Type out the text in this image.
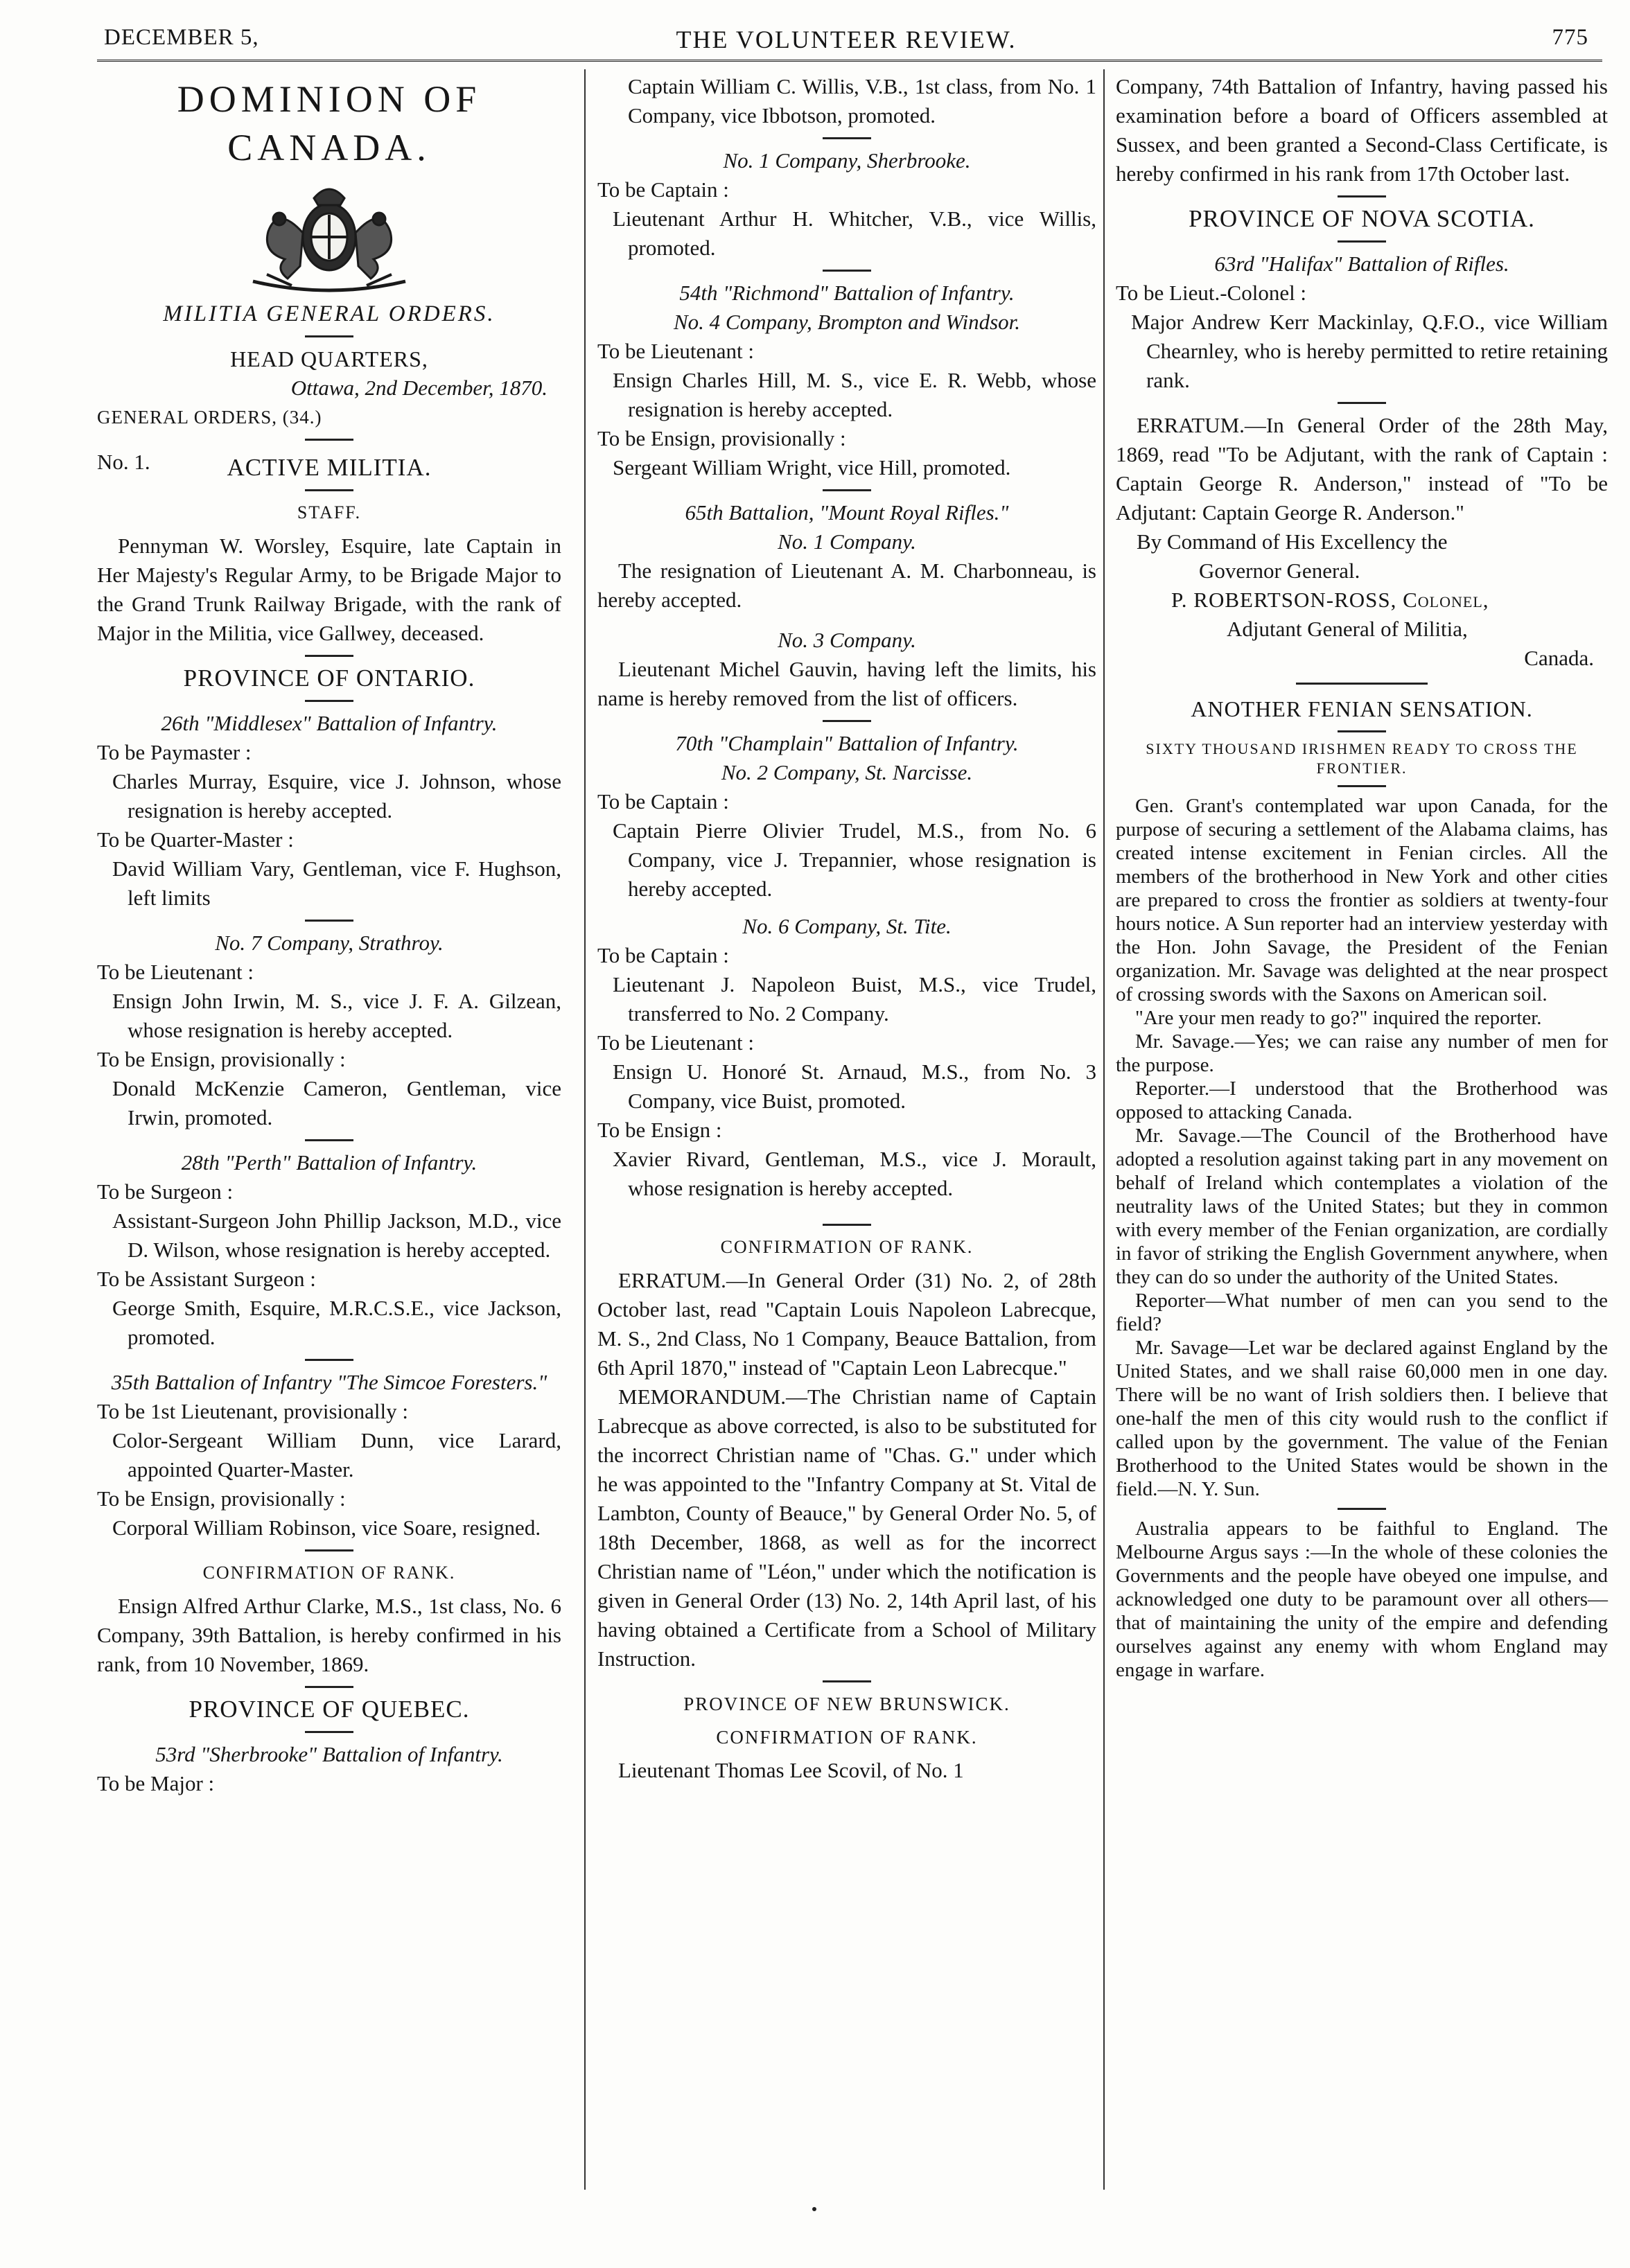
DECEMBER 5,	THE VOLUNTEER REVIEW.	775
DOMINION OF CANADA.
MILITIA GENERAL ORDERS.
HEAD QUARTERS,
Ottawa, 2nd December, 1870.
GENERAL ORDERS, (34.)
No. 1.	ACTIVE MILITIA.
STAFF.

Pennyman W. Worsley, Esquire, late Captain in Her Majesty's Regular Army, to be Brigade Major to the Grand Trunk Railway Brigade, with the rank of Major in the Militia, vice Gallwey, deceased.

PROVINCE OF ONTARIO.
26th "Middlesex" Battalion of Infantry.

To be Paymaster :

Charles Murray, Esquire, vice J. Johnson, whose resignation is hereby accepted.

To be Quarter-Master :

David William Vary, Gentleman, vice F. Hughson, left limits

No. 7 Company, Strathroy.

To be Lieutenant :

Ensign John Irwin, M. S., vice J. F. A. Gilzean, whose resignation is hereby accepted.

To be Ensign, provisionally :

Donald McKenzie Cameron, Gentleman, vice Irwin, promoted.

28th "Perth" Battalion of Infantry.

To be Surgeon :

Assistant-Surgeon John Phillip Jackson, M.D., vice D. Wilson, whose resignation is hereby accepted.

To be Assistant Surgeon :

George Smith, Esquire, M.R.C.S.E., vice Jackson, promoted.

35th Battalion of Infantry "The Simcoe Foresters."

To be 1st Lieutenant, provisionally :

Color-Sergeant William Dunn, vice Larard, appointed Quarter-Master.

To be Ensign, provisionally :

Corporal William Robinson, vice Soare, resigned.

CONFIRMATION OF RANK.

Ensign Alfred Arthur Clarke, M.S., 1st class, No. 6 Company, 39th Battalion, is hereby confirmed in his rank, from 10 November, 1869.

PROVINCE OF QUEBEC.
53rd "Sherbrooke" Battalion of Infantry.

To be Major :

Captain William C. Willis, V.B., 1st class, from No. 1 Company, vice Ibbotson, promoted.

No. 1 Company, Sherbrooke.

To be Captain :

Lieutenant Arthur H. Whitcher, V.B., vice Willis, promoted.

54th "Richmond" Battalion of Infantry.
No. 4 Company, Brompton and Windsor.

To be Lieutenant :

Ensign Charles Hill, M. S., vice E. R. Webb, whose resignation is hereby accepted.

To be Ensign, provisionally :

Sergeant William Wright, vice Hill, promoted.

65th Battalion, "Mount Royal Rifles."
No. 1 Company.

The resignation of Lieutenant A. M. Charbonneau, is hereby accepted.

No. 3 Company.

Lieutenant Michel Gauvin, having left the limits, his name is hereby removed from the list of officers.

70th "Champlain" Battalion of Infantry.
No. 2 Company, St. Narcisse.

To be Captain :

Captain Pierre Olivier Trudel, M.S., from No. 6 Company, vice J. Trepannier, whose resignation is hereby accepted.

No. 6 Company, St. Tite.

To be Captain :

Lieutenant J. Napoleon Buist, M.S., vice Trudel, transferred to No. 2 Company.

To be Lieutenant :

Ensign U. Honoré St. Arnaud, M.S., from No. 3 Company, vice Buist, promoted.

To be Ensign :

Xavier Rivard, Gentleman, M.S., vice J. Morault, whose resignation is hereby accepted.

CONFIRMATION OF RANK.

ERRATUM.—In General Order (31) No. 2, of 28th October last, read "Captain Louis Napoleon Labrecque, M. S., 2nd Class, No 1 Company, Beauce Battalion, from 6th April 1870," instead of "Captain Leon Labrecque."

MEMORANDUM.—The Christian name of Captain Labrecque as above corrected, is also to be substituted for the incorrect Christian name of "Chas. G." under which he was appointed to the "Infantry Company at St. Vital de Lambton, County of Beauce," by General Order No. 5, of 18th December, 1868, as well as for the incorrect Christian name of "Léon," under which the notification is given in General Order (13) No. 2, 14th April last, of his having obtained a Certificate from a School of Military Instruction.

PROVINCE OF NEW BRUNSWICK.
CONFIRMATION OF RANK.

Lieutenant Thomas Lee Scovil, of No. 1

Company, 74th Battalion of Infantry, having passed his examination before a board of Officers assembled at Sussex, and been granted a Second-Class Certificate, is hereby confirmed in his rank from 17th October last.

PROVINCE OF NOVA SCOTIA.
63rd "Halifax" Battalion of Rifles.

To be Lieut.-Colonel :

Major Andrew Kerr Mackinlay, Q.F.O., vice William Chearnley, who is hereby permitted to retire retaining rank.

ERRATUM.—In General Order of the 28th May, 1869, read "To be Adjutant, with the rank of Captain : Captain George R. Anderson," instead of "To be Adjutant: Captain George R. Anderson."

By Command of His Excellency the

Governor General.

P. ROBERTSON-ROSS, Colonel,

Adjutant General of Militia,

Canada.

ANOTHER FENIAN SENSATION.
SIXTY THOUSAND IRISHMEN READY TO CROSS THE FRONTIER.

Gen. Grant's contemplated war upon Canada, for the purpose of securing a settlement of the Alabama claims, has created intense excitement in Fenian circles. All the members of the brotherhood in New York and other cities are prepared to cross the frontier as soldiers at twenty-four hours notice. A Sun reporter had an interview yesterday with the Hon. John Savage, the President of the Fenian organization. Mr. Savage was delighted at the near prospect of crossing swords with the Saxons on American soil.

"Are your men ready to go?" inquired the reporter.

Mr. Savage.—Yes; we can raise any number of men for the purpose.

Reporter.—I understood that the Brotherhood was opposed to attacking Canada.

Mr. Savage.—The Council of the Brotherhood have adopted a resolution against taking part in any movement on behalf of Ireland which contemplates a violation of the neutrality laws of the United States; but they in common with every member of the Fenian organization, are cordially in favor of striking the English Government anywhere, when they can do so under the authority of the United States.

Reporter—What number of men can you send to the field?

Mr. Savage—Let war be declared against England by the United States, and we shall raise 60,000 men in one day. There will be no want of Irish soldiers then. I believe that one-half the men of this city would rush to the conflict if called upon by the government. The value of the Fenian Brotherhood to the United States would be shown in the field.—N. Y. Sun.

Australia appears to be faithful to England. The Melbourne Argus says :—In the whole of these colonies the Governments and the people have obeyed one impulse, and acknowledged one duty to be paramount over all others—that of maintaining the unity of the empire and defending ourselves against any enemy with whom England may engage in warfare.
